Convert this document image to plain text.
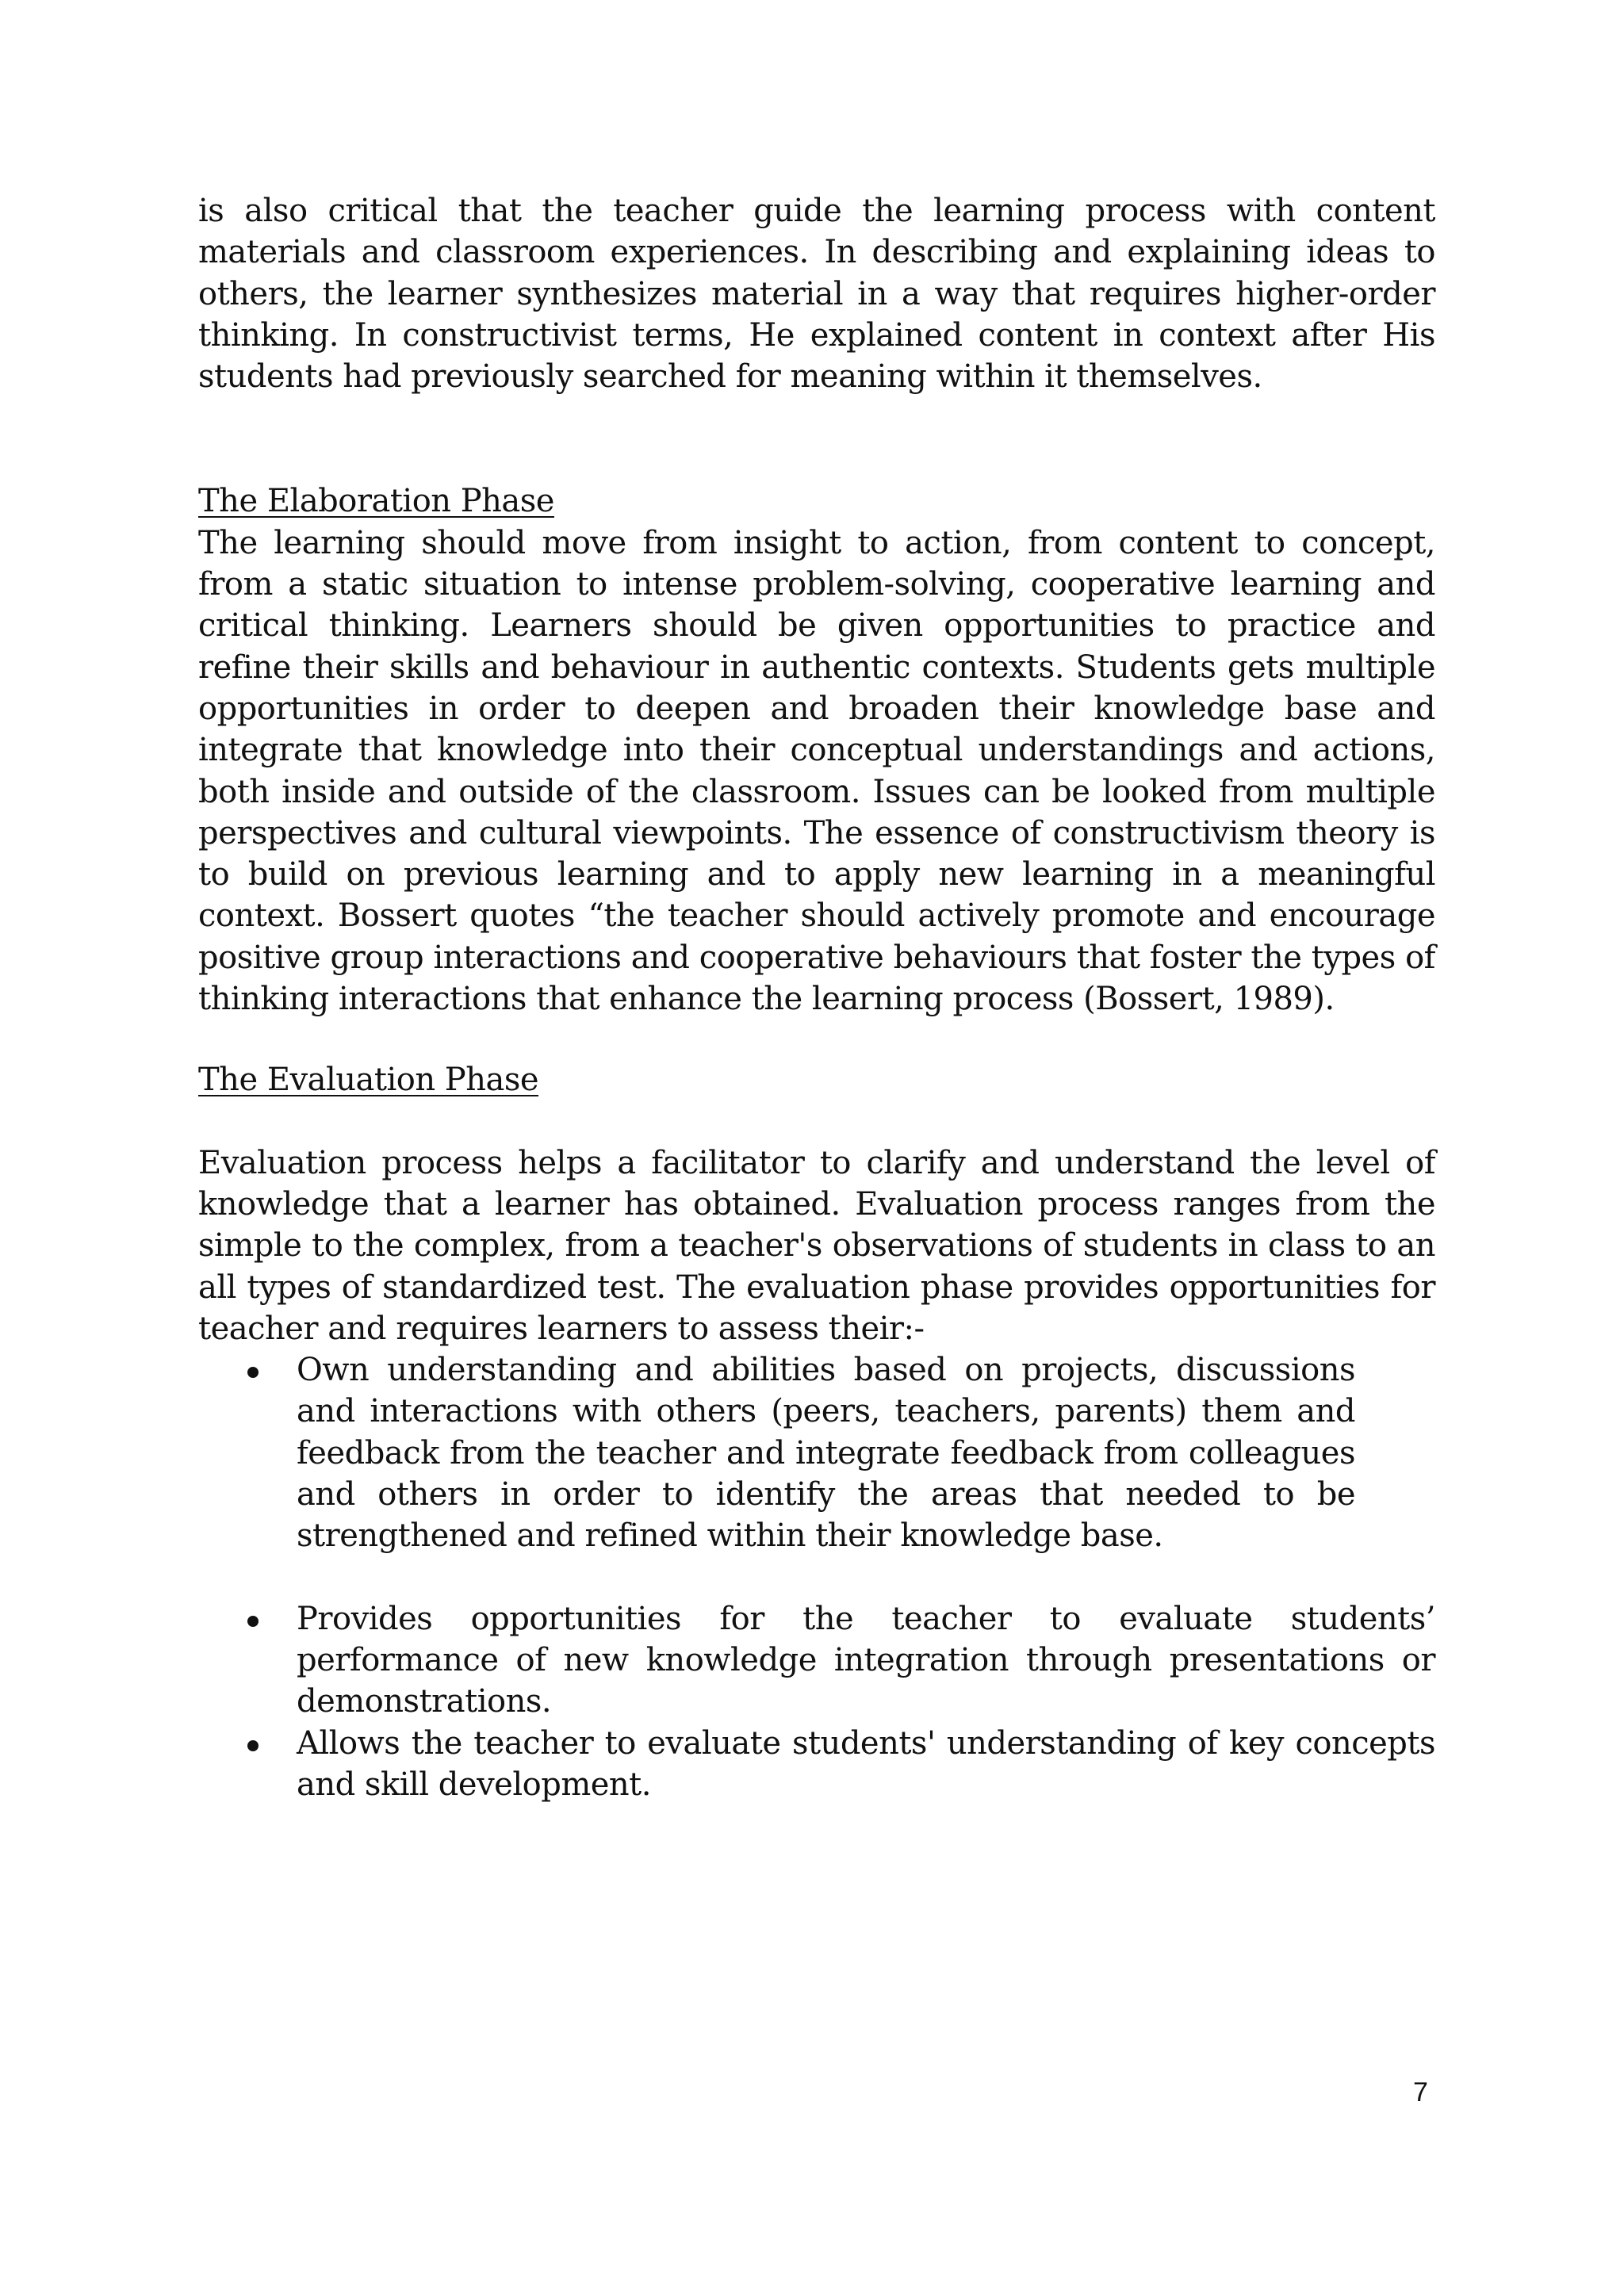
is also critical that the teacher guide the learning process with content materials and classroom experiences. In describing and explaining ideas to others, the learner synthesizes material in a way that requires higher-order thinking. In constructivist terms, He explained content in context after His students had previously searched for meaning within it themselves.

The Elaboration Phase

The learning should move from insight to action, from content to concept, from a static situation to intense problem-solving, cooperative learning and critical thinking. Learners should be given opportunities to practice and refine their skills and behaviour in authentic contexts. Students gets multiple opportunities in order to deepen and broaden their knowledge base and integrate that knowledge into their conceptual understandings and actions, both inside and outside of the classroom. Issues can be looked from multiple perspectives and cultural viewpoints. The essence of constructivism theory is to build on previous learning and to apply new learning in a meaningful context. Bossert quotes “the teacher should actively promote and encourage positive group interactions and cooperative behaviours that foster the types of thinking interactions that enhance the learning process (Bossert, 1989).

The Evaluation Phase

Evaluation process helps a facilitator to clarify and understand the level of knowledge that a learner has obtained. Evaluation process ranges from the simple to the complex, from a teacher's observations of students in class to an all types of standardized test. The evaluation phase provides opportunities for teacher and requires learners to assess their:-

Own understanding and abilities based on projects, discussions and interactions with others (peers, teachers, parents) them and feedback from the teacher and integrate feedback from colleagues and others in order to identify the areas that needed to be strengthened and refined within their knowledge base.
Provides opportunities for the teacher to evaluate students’ performance of new knowledge integration through presentations or demonstrations.
Allows the teacher to evaluate students' understanding of key concepts and skill development.
7
